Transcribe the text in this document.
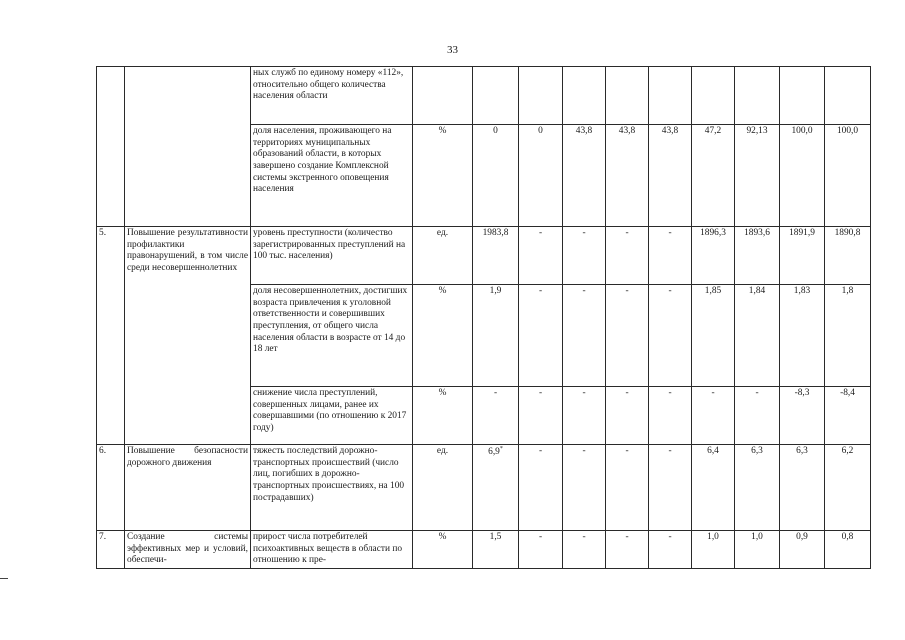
33
		ных служб по единому номеру «112», относительно общего количества населения области										
		доля населения, проживающего на территориях муниципальных образований области, в которых завершено создание Комплексной системы экстренного оповещения населения	%	0	0	43,8	43,8	43,8	47,2	92,13	100,0	100,0
5.	Повышение результативности профилактики правонарушений, в том числе среди несовершеннолетних	уровень преступности (количество зарегистрированных преступлений на 100 тыс. населения)	ед.	1983,8	-	-	-	-	1896,3	1893,6	1891,9	1890,8
		доля несовершеннолетних, достигших возраста привлечения к уголовной ответственности и совершивших преступления, от общего числа населения области в возрасте от 14 до 18 лет	%	1,9	-	-	-	-	1,85	1,84	1,83	1,8
		снижение числа преступлений, совершенных лицами, ранее их совершавшими (по отношению к 2017 году)	%	-	-	-	-	-	-	-	-8,3	-8,4
6.	Повышение безопасности дорожного движения	тяжесть последствий дорожно-транспортных происшествий (число лиц, погибших в дорожно-транспортных происшествиях, на 100 пострадавших)	ед.	6,9*	-	-	-	-	6,4	6,3	6,3	6,2
7.	Создание системы эффективных мер и условий, обеспечи-	прирост числа потребителей психоактивных веществ в области по отношению к пре-	%	1,5	-	-	-	-	1,0	1,0	0,9	0,8
